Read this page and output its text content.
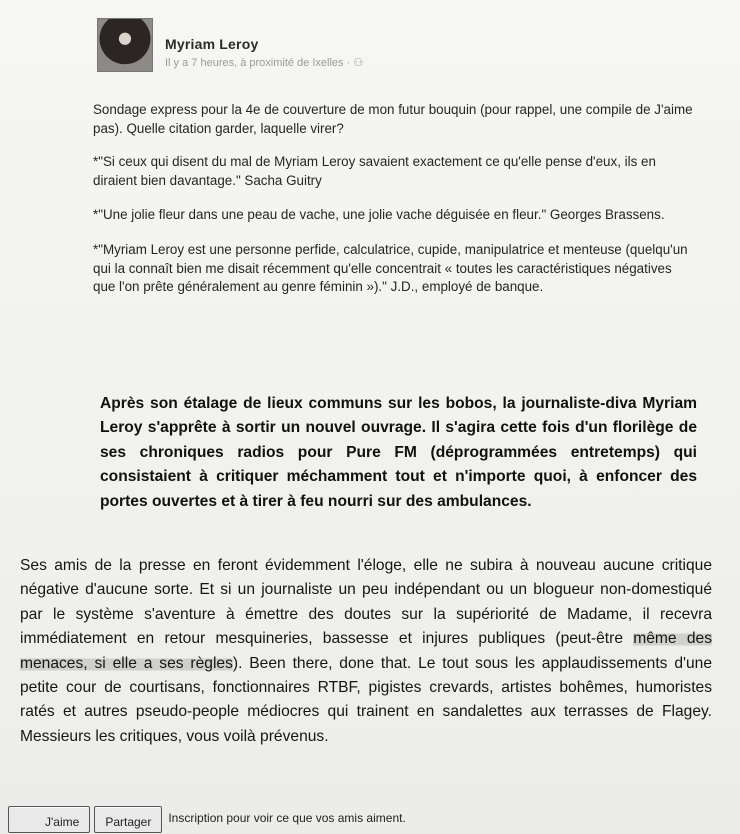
Myriam Leroy
Il y a 7 heures, à proximité de Ixelles · ⚇

Sondage express pour la 4e de couverture de mon futur bouquin (pour rappel, une compile de J'aime pas). Quelle citation garder, laquelle virer?

*"Si ceux qui disent du mal de Myriam Leroy savaient exactement ce qu'elle pense d'eux, ils en diraient bien davantage." Sacha Guitry

*"Une jolie fleur dans une peau de vache, une jolie vache déguisée en fleur." Georges Brassens.

*"Myriam Leroy est une personne perfide, calculatrice, cupide, manipulatrice et menteuse (quelqu'un qui la connaît bien me disait récemment qu'elle concentrait « toutes les caractéristiques négatives que l'on prête généralement au genre féminin »)." J.D., employé de banque.

Après son étalage de lieux communs sur les bobos, la journaliste-diva Myriam Leroy s'apprête à sortir un nouvel ouvrage. Il s'agira cette fois d'un florilège de ses chroniques radios pour Pure FM (déprogrammées entretemps) qui consistaient à critiquer méchamment tout et n'importe quoi, à enfoncer des portes ouvertes et à tirer à feu nourri sur des ambulances.
Ses amis de la presse en feront évidemment l'éloge, elle ne subira à nouveau aucune critique négative d'aucune sorte. Et si un journaliste un peu indépendant ou un blogueur non-domestiqué par le système s'aventure à émettre des doutes sur la supériorité de Madame, il recevra immédiatement en retour mesquineries, bassesse et injures publiques (peut-être même des menaces, si elle a ses règles). Been there, done that. Le tout sous les applaudissements d'une petite cour de courtisans, fonctionnaires RTBF, pigistes crevards, artistes bohêmes, humoristes ratés et autres pseudo-people médiocres qui trainent en sandalettes aux terrasses de Flagey. Messieurs les critiques, vous voilà prévenus.
J'aime	Partager	Inscription pour voir ce que vos amis aiment.
